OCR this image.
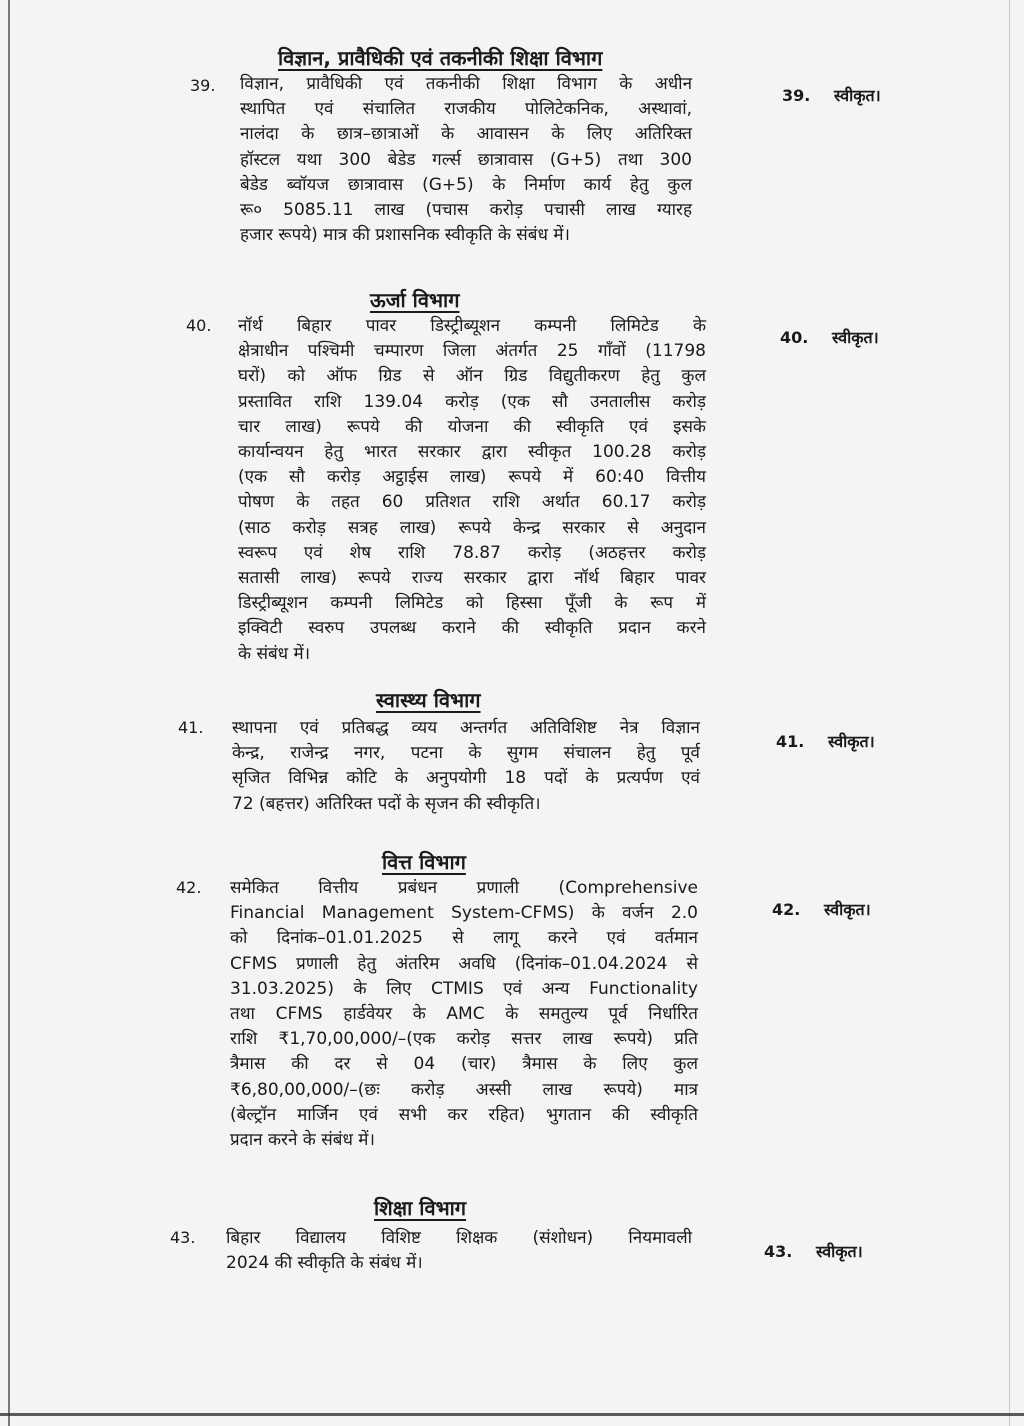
विज्ञान, प्रावैधिकी एवं तकनीकी शिक्षा विभाग
39. विज्ञान, प्रावैधिकी एवं तकनीकी शिक्षा विभाग के अधीन
स्थापित एवं संचालित राजकीय पोलिटेकनिक, अस्थावां,
नालंदा के छात्र–छात्राओं के आवासन के लिए अतिरिक्त
हॉस्टल यथा 300 बेडेड गर्ल्स छात्रावास (G+5) तथा 300
बेडेड ब्वॉयज छात्रावास (G+5) के निर्माण कार्य हेतु कुल
रू० 5085.11 लाख (पचास करोड़ पचासी लाख ग्यारह
हजार रूपये) मात्र की प्रशासनिक स्वीकृति के संबंध में।
39. स्वीकृत।
ऊर्जा विभाग
40. नॉर्थ बिहार पावर डिस्ट्रीब्यूशन कम्पनी लिमिटेड के
क्षेत्राधीन पश्चिमी चम्पारण जिला अंतर्गत 25 गाँवों (11798
घरों) को ऑफ ग्रिड से ऑन ग्रिड विद्युतीकरण हेतु कुल
प्रस्तावित राशि 139.04 करोड़ (एक सौ उनतालीस करोड़
चार लाख) रूपये की योजना की स्वीकृति एवं इसके
कार्यान्वयन हेतु भारत सरकार द्वारा स्वीकृत 100.28 करोड़
(एक सौ करोड़ अट्ठाईस लाख) रूपये में 60:40 वित्तीय
पोषण के तहत 60 प्रतिशत राशि अर्थात 60.17 करोड़
(साठ करोड़ सत्रह लाख) रूपये केन्द्र सरकार से अनुदान
स्वरूप एवं शेष राशि 78.87 करोड़ (अठहत्तर करोड़
सतासी लाख) रूपये राज्य सरकार द्वारा नॉर्थ बिहार पावर
डिस्ट्रीब्यूशन कम्पनी लिमिटेड को हिस्सा पूँजी के रूप में
इक्विटी स्वरुप उपलब्ध कराने की स्वीकृति प्रदान करने
के संबंध में।
40. स्वीकृत।
स्वास्थ्य विभाग
41. स्थापना एवं प्रतिबद्ध व्यय अन्तर्गत अतिविशिष्ट नेत्र विज्ञान
केन्द्र, राजेन्द्र नगर, पटना के सुगम संचालन हेतु पूर्व
सृजित विभिन्न कोटि के अनुपयोगी 18 पदों के प्रत्यर्पण एवं
72 (बहत्तर) अतिरिक्त पदों के सृजन की स्वीकृति।
41. स्वीकृत।
वित्त विभाग
42. समेकित वित्तीय प्रबंधन प्रणाली (Comprehensive
Financial Management System-CFMS) के वर्जन 2.0
को दिनांक–01.01.2025 से लागू करने एवं वर्तमान
CFMS प्रणाली हेतु अंतरिम अवधि (दिनांक–01.04.2024 से
31.03.2025) के लिए CTMIS एवं अन्य Functionality
तथा CFMS हार्डवेयर के AMC के समतुल्य पूर्व निर्धारित
राशि ₹1,70,00,000/–(एक करोड़ सत्तर लाख रूपये) प्रति
त्रैमास की दर से 04 (चार) त्रैमास के लिए कुल
₹6,80,00,000/–(छः करोड़ अस्सी लाख रूपये) मात्र
(बेल्ट्रॉन मार्जिन एवं सभी कर रहित) भुगतान की स्वीकृति
प्रदान करने के संबंध में।
42. स्वीकृत।
शिक्षा विभाग
43. बिहार विद्यालय विशिष्ट शिक्षक (संशोधन) नियमावली
2024 की स्वीकृति के संबंध में।
43. स्वीकृत।
